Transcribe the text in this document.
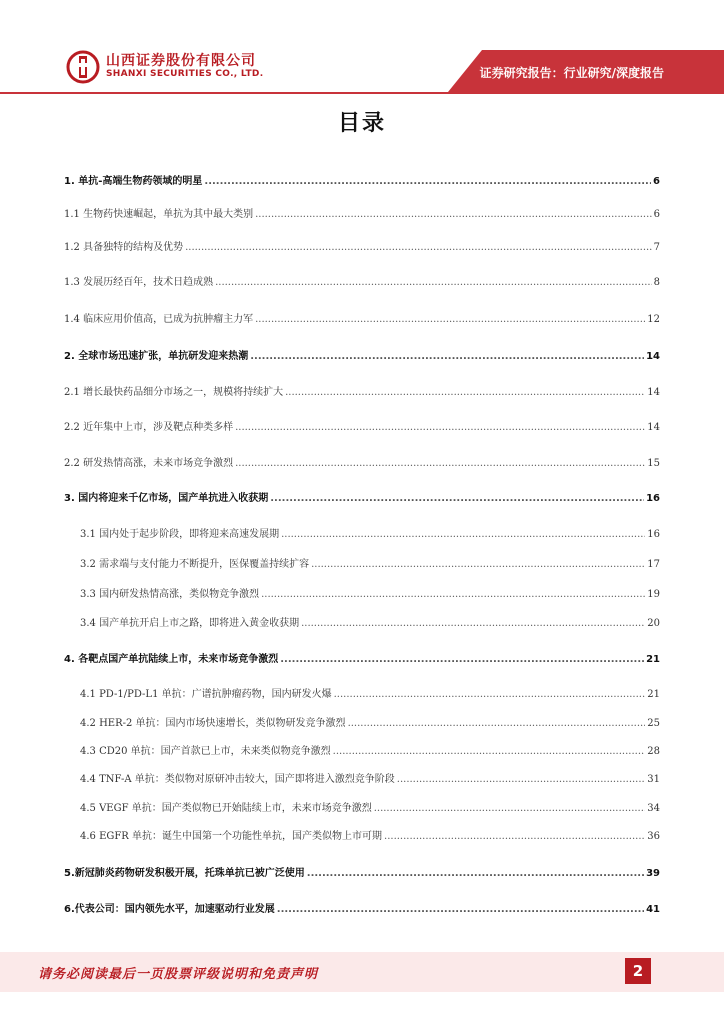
山西证券股份有限公司
SHANXI SECURITIES CO., LTD.	证券研究报告：行业研究/深度报告
目录
1. 单抗-高端生物药领域的明星 .....	6
1.1 生物药快速崛起，单抗为其中最大类别 .....	6
1.2 具备独特的结构及优势 .....	7
1.3 发展历经百年，技术日趋成熟 .....	8
1.4 临床应用价值高，已成为抗肿瘤主力军 .....	12
2. 全球市场迅速扩张，单抗研发迎来热潮 .....	14
2.1 增长最快药品细分市场之一，规模将持续扩大 .....	14
2.2 近年集中上市，涉及靶点种类多样 .....	14
2.2 研发热情高涨，未来市场竞争激烈 .....	15
3. 国内将迎来千亿市场，国产单抗进入收获期 .....	16
3.1 国内处于起步阶段，即将迎来高速发展期 .....	16
3.2 需求端与支付能力不断提升，医保覆盖持续扩容 .....	17
3.3 国内研发热情高涨，类似物竞争激烈 .....	19
3.4 国产单抗开启上市之路，即将进入黄金收获期 .....	20
4. 各靶点国产单抗陆续上市，未来市场竞争激烈 .....	21
4.1 PD-1/PD-L1 单抗：广谱抗肿瘤药物，国内研发火爆 .....	21
4.2 HER-2 单抗：国内市场快速增长，类似物研发竞争激烈 .....	25
4.3 CD20 单抗：国产首款已上市，未来类似物竞争激烈 .....	28
4.4 TNF-A 单抗：类似物对原研冲击较大，国产即将进入激烈竞争阶段 .....	31
4.5 VEGF 单抗：国产类似物已开始陆续上市，未来市场竞争激烈 .....	34
4.6 EGFR 单抗：诞生中国第一个功能性单抗，国产类似物上市可期 .....	36
5.新冠肺炎药物研发积极开展，托珠单抗已被广泛使用 .....	39
6.代表公司：国内领先水平，加速驱动行业发展 .....	41
请务必阅读最后一页股票评级说明和免责声明	2
